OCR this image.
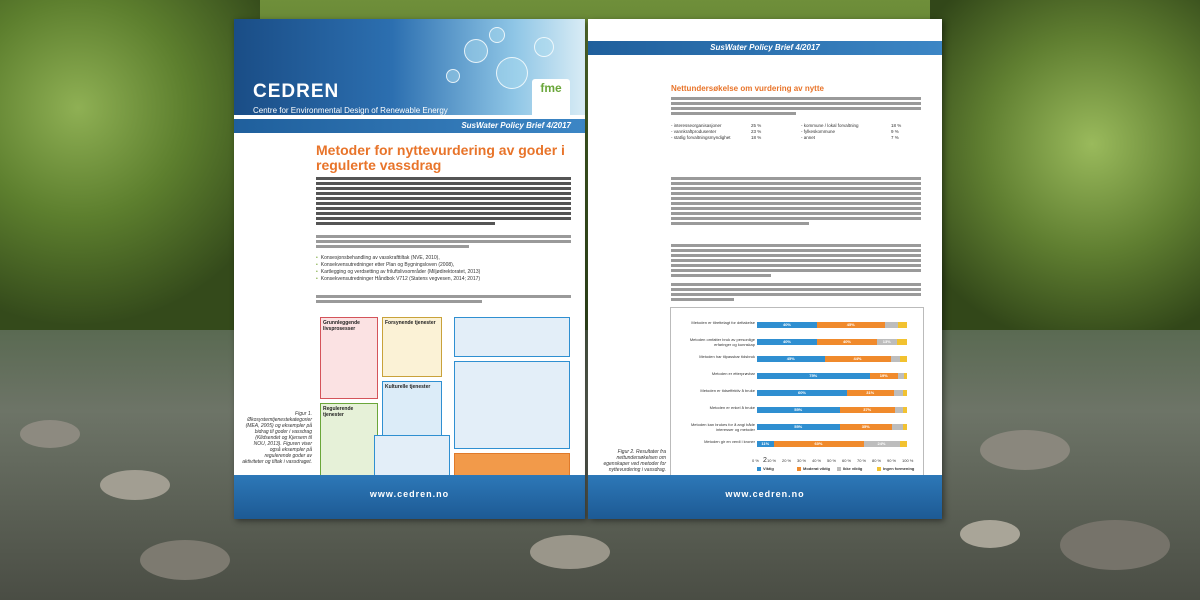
CEDREN
Centre for Environmental Design of Renewable Energy
fme
SusWater Policy Brief 4/2017
Metoder for nyttevurdering av goder i regulerte vassdrag
• Konsesjonsbehandling av vasskrafttiltak (NVE, 2010),
• Konsekvensutredninger etter Plan og Bygningsloven (2008),
• Kartlegging og verdsetting av friluftslivsområder (Miljødirektoratet, 2013)
• Konsekvensutredninger Håndbok V712 (Statens vegvesen, 2014; 2017)
Grunnleggende livsprosesser
Forsynende tjenester
Regulerende tjenester
Kulturelle tjenester
Figur 1. Økosystemtjenestekategorier (MEA, 2005) og eksempler på bidrag til goder i vassdrag (Klidsendet og Kjersem til NOU, 2013). Figuren viser også eksempler på regulerende goder av aktiviteter og tiltak i vassdraget.
www.cedren.no
SusWater Policy Brief 4/2017
Nettundersøkelse om vurdering av nytte
- interesseorganisasjoner	25 %	- kommune / lokal forvaltning	18 %
- vannkraftprodusenter	23 %	- fylkeskommune	9 %
- statlig forvaltningsmyndighet	18 %	- annet	7 %
Metoden er tilrettelagt for deltakelse	40%	45%
Metoden omfatter bruk av personlige erfaringer og kunnskap
40%	40%	13%
Metoden har tilpassbar tidsbruk	45%	44%
Metoden er etterprøvbar	75%	19%
Metoden er tidseffektiv å bruke	60%	31%
Metoden er enkel å bruke	55%	37%
Metoden kan brukes for å angi både interesser og metoder
55%	35%
Metoden gir en verdi i kroner	11%	60%	24%
0 % 10 % 20 % 30 % 40 % 50 % 60 % 70 % 80 % 90 % 100 %
Viktig	Moderat viktig	Ikke viktig	Ingen formening
Figur 2. Resultater fra nettundersøkelsen om egenskaper ved metoder for nyttevurdering i vassdrag.
2
www.cedren.no
